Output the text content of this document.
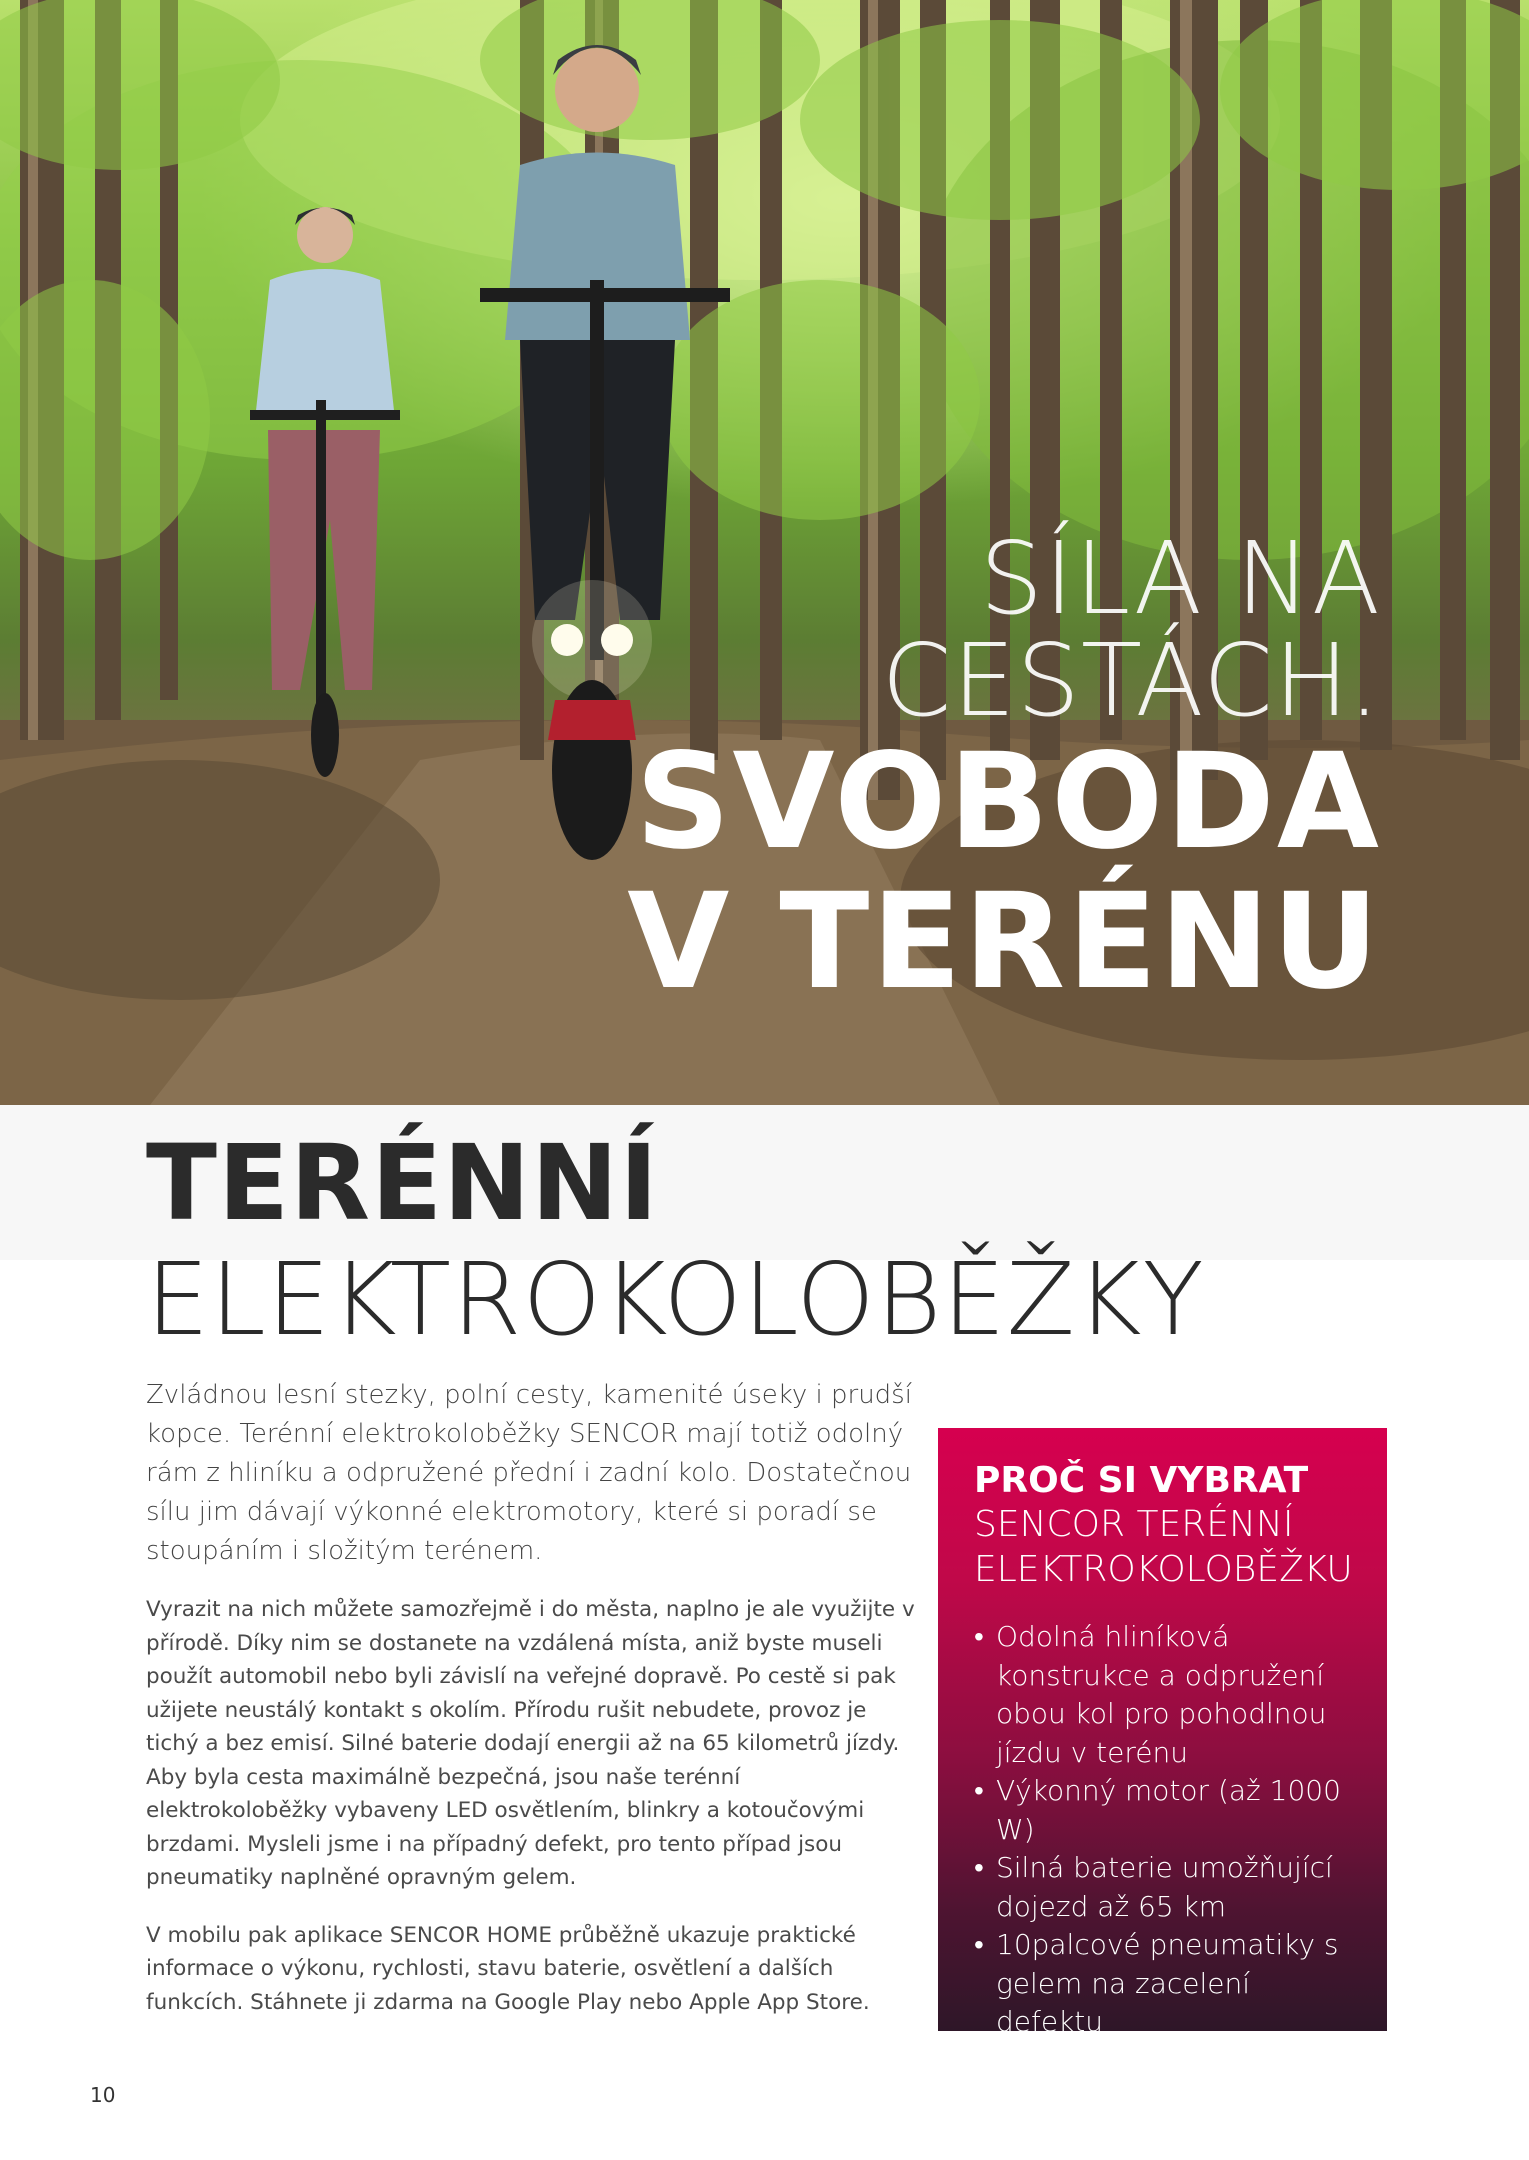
SÍLA NA
CESTÁCH.
SVOBODA
V TERÉNU
TERÉNNÍ
ELEKTROKOLOBĚŽKY

Zvládnou lesní stezky, polní cesty, kamenité úseky i prudší kopce. Terénní elektrokoloběžky SENCOR mají totiž odolný rám z hliníku a odpružené přední i zadní kolo. Dostatečnou sílu jim dávají výkonné elektromotory, které si poradí se stoupáním i složitým terénem.

Vyrazit na nich můžete samozřejmě i do města, naplno je ale využijte v přírodě. Díky nim se dostanete na vzdálená místa, aniž byste museli použít automobil nebo byli závislí na veřejné dopravě. Po cestě si pak užijete neustálý kontakt s okolím. Přírodu rušit nebudete, provoz je tichý a bez emisí. Silné baterie dodají energii až na 65 kilometrů jízdy. Aby byla cesta maximálně bezpečná, jsou naše terénní elektrokoloběžky vybaveny LED osvětlením, blinkry a kotoučovými brzdami. Mysleli jsme i na případný defekt, pro tento případ jsou pneumatiky naplněné opravným gelem.

V mobilu pak aplikace SENCOR HOME průběžně ukazuje praktické informace o výkonu, rychlosti, stavu baterie, osvětlení a dalších funkcích. Stáhnete ji zdarma na Google Play nebo Apple App Store.

PROČ SI VYBRAT
SENCOR TERÉNNÍ
ELEKTROKOLOBĚŽKU
• Odolná hliníková konstrukce a odpružení obou kol pro pohodlnou jízdu v terénu
• Výkonný motor (až 1000 W)
• Silná baterie umožňující dojezd až 65 km
• 10palcové pneumatiky s gelem na zacelení defektu
• Propojení s aplikací SENCOR HOME
10
